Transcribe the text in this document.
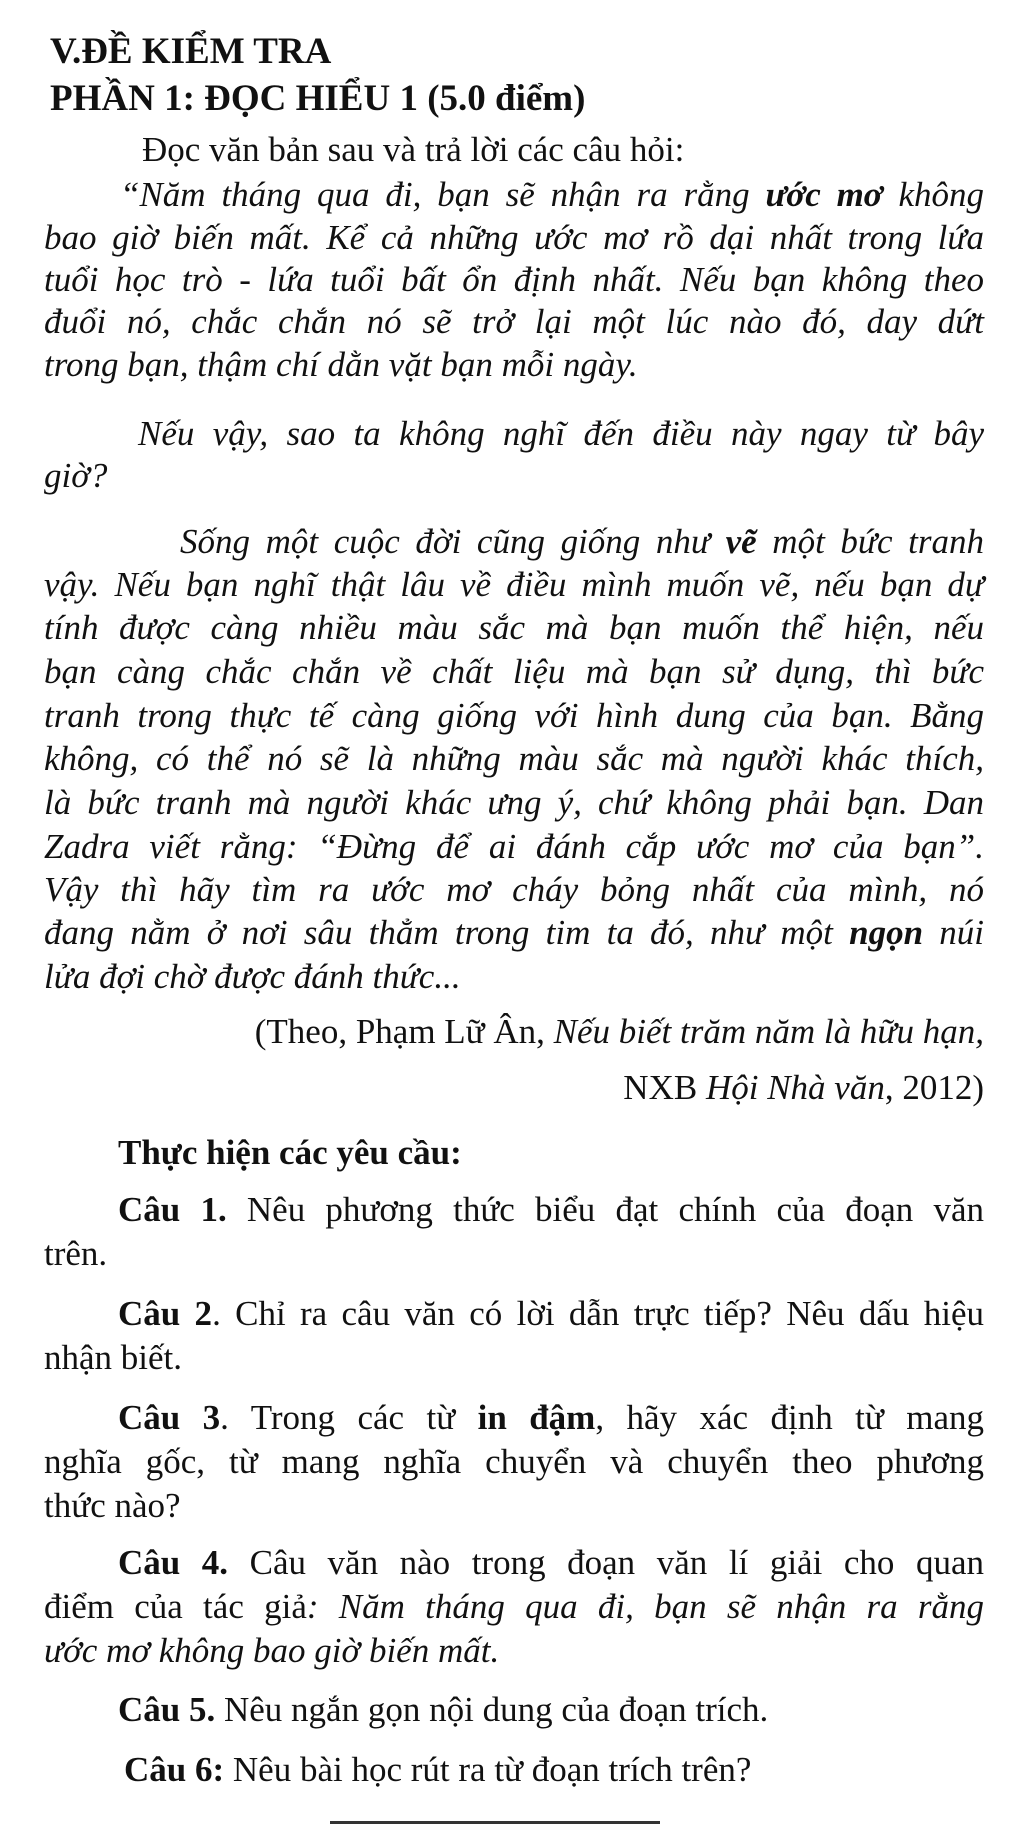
V.ĐỀ KIỂM TRA
PHẦN 1: ĐỌC HIỂU 1 (5.0 điểm)
Đọc văn bản sau và trả lời các câu hỏi:
“Năm tháng qua đi, bạn sẽ nhận ra rằng ước mơ không
bao giờ biến mất. Kể cả những ước mơ rồ dại nhất trong lứa
tuổi học trò - lứa tuổi bất ổn định nhất. Nếu bạn không theo
đuổi nó, chắc chắn nó sẽ trở lại một lúc nào đó, day dứt
trong bạn, thậm chí dằn vặt bạn mỗi ngày.
Nếu vậy, sao ta không nghĩ đến điều này ngay từ bây
giờ?
Sống một cuộc đời cũng giống như vẽ một bức tranh
vậy. Nếu bạn nghĩ thật lâu về điều mình muốn vẽ, nếu bạn dự
tính được càng nhiều màu sắc mà bạn muốn thể hiện, nếu
bạn càng chắc chắn về chất liệu mà bạn sử dụng, thì bức
tranh trong thực tế càng giống với hình dung của bạn. Bằng
không, có thể nó sẽ là những màu sắc mà người khác thích,
là bức tranh mà người khác ưng ý, chứ không phải bạn. Dan
Zadra viết rằng: “Đừng để ai đánh cắp ước mơ của bạn”.
Vậy thì hãy tìm ra ước mơ cháy bỏng nhất của mình, nó
đang nằm ở nơi sâu thẳm trong tim ta đó, như một ngọn núi
lửa đợi chờ được đánh thức...
(Theo, Phạm Lữ Ân, Nếu biết trăm năm là hữu hạn,
NXB Hội Nhà văn, 2012)
Thực hiện các yêu cầu:
Câu 1. Nêu phương thức biểu đạt chính của đoạn văn
trên.
Câu 2. Chỉ ra câu văn có lời dẫn trực tiếp? Nêu dấu hiệu
nhận biết.
Câu 3. Trong các từ in đậm, hãy xác định từ mang
nghĩa gốc, từ mang nghĩa chuyển và chuyển theo phương
thức nào?
Câu 4. Câu văn nào trong đoạn văn lí giải cho quan
điểm của tác giả: Năm tháng qua đi, bạn sẽ nhận ra rằng
ước mơ không bao giờ biến mất.
Câu 5. Nêu ngắn gọn nội dung của đoạn trích.
Câu 6: Nêu bài học rút ra từ đoạn trích trên?
